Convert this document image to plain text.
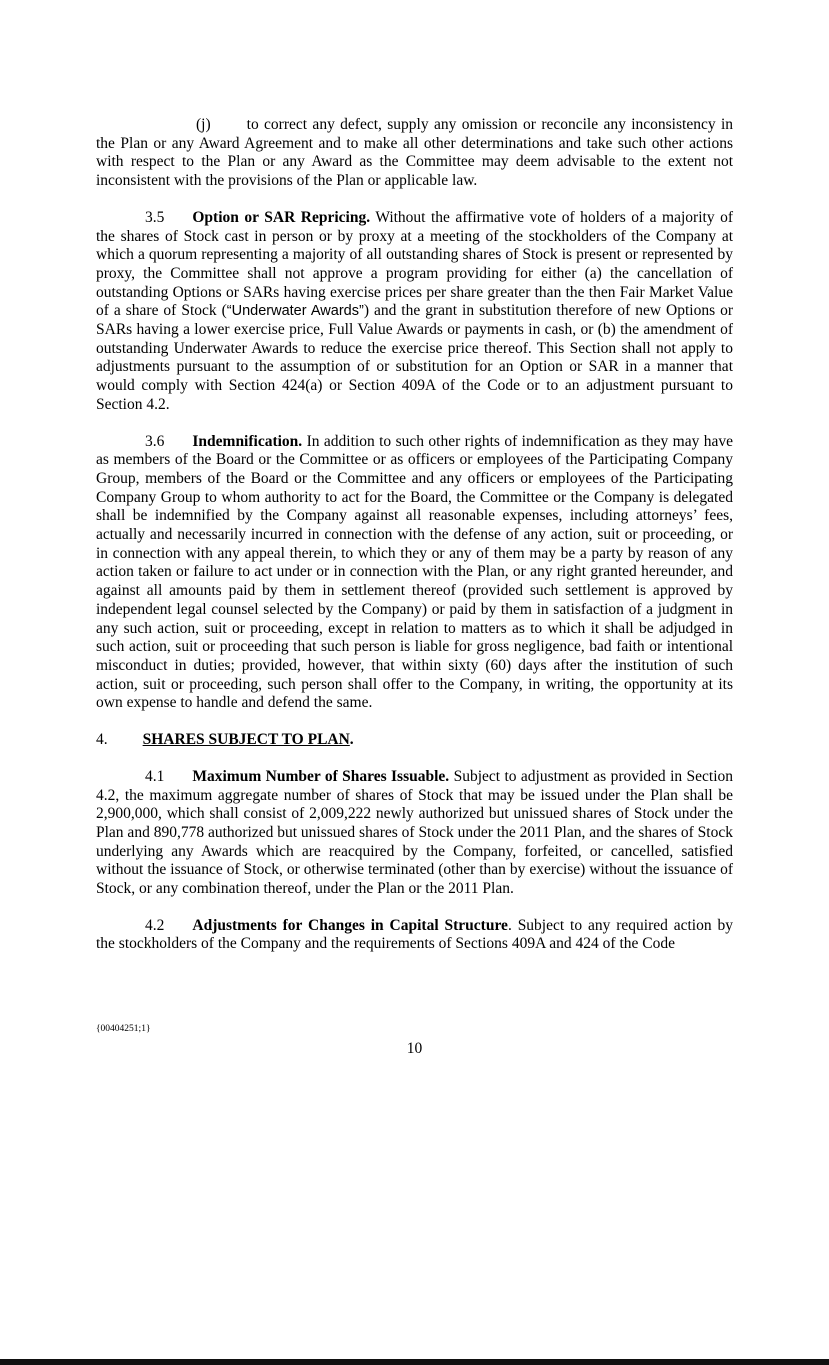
(j) to correct any defect, supply any omission or reconcile any inconsistency in the Plan or any Award Agreement and to make all other determinations and take such other actions with respect to the Plan or any Award as the Committee may deem advisable to the extent not inconsistent with the provisions of the Plan or applicable law.

3.5 Option or SAR Repricing. Without the affirmative vote of holders of a majority of the shares of Stock cast in person or by proxy at a meeting of the stockholders of the Company at which a quorum representing a majority of all outstanding shares of Stock is present or represented by proxy, the Committee shall not approve a program providing for either (a) the cancellation of outstanding Options or SARs having exercise prices per share greater than the then Fair Market Value of a share of Stock (“Underwater Awards”) and the grant in substitution therefore of new Options or SARs having a lower exercise price, Full Value Awards or payments in cash, or (b) the amendment of outstanding Underwater Awards to reduce the exercise price thereof. This Section shall not apply to adjustments pursuant to the assumption of or substitution for an Option or SAR in a manner that would comply with Section 424(a) or Section 409A of the Code or to an adjustment pursuant to Section 4.2.

3.6 Indemnification. In addition to such other rights of indemnification as they may have as members of the Board or the Committee or as officers or employees of the Participating Company Group, members of the Board or the Committee and any officers or employees of the Participating Company Group to whom authority to act for the Board, the Committee or the Company is delegated shall be indemnified by the Company against all reasonable expenses, including attorneys’ fees, actually and necessarily incurred in connection with the defense of any action, suit or proceeding, or in connection with any appeal therein, to which they or any of them may be a party by reason of any action taken or failure to act under or in connection with the Plan, or any right granted hereunder, and against all amounts paid by them in settlement thereof (provided such settlement is approved by independent legal counsel selected by the Company) or paid by them in satisfaction of a judgment in any such action, suit or proceeding, except in relation to matters as to which it shall be adjudged in such action, suit or proceeding that such person is liable for gross negligence, bad faith or intentional misconduct in duties; provided, however, that within sixty (60) days after the institution of such action, suit or proceeding, such person shall offer to the Company, in writing, the opportunity at its own expense to handle and defend the same.

4. SHARES SUBJECT TO PLAN.

4.1 Maximum Number of Shares Issuable. Subject to adjustment as provided in Section 4.2, the maximum aggregate number of shares of Stock that may be issued under the Plan shall be 2,900,000, which shall consist of 2,009,222 newly authorized but unissued shares of Stock under the Plan and 890,778 authorized but unissued shares of Stock under the 2011 Plan, and the shares of Stock underlying any Awards which are reacquired by the Company, forfeited, or cancelled, satisfied without the issuance of Stock, or otherwise terminated (other than by exercise) without the issuance of Stock, or any combination thereof, under the Plan or the 2011 Plan.

4.2 Adjustments for Changes in Capital Structure. Subject to any required action by the stockholders of the Company and the requirements of Sections 409A and 424 of the Code

{00404251;1}
10
